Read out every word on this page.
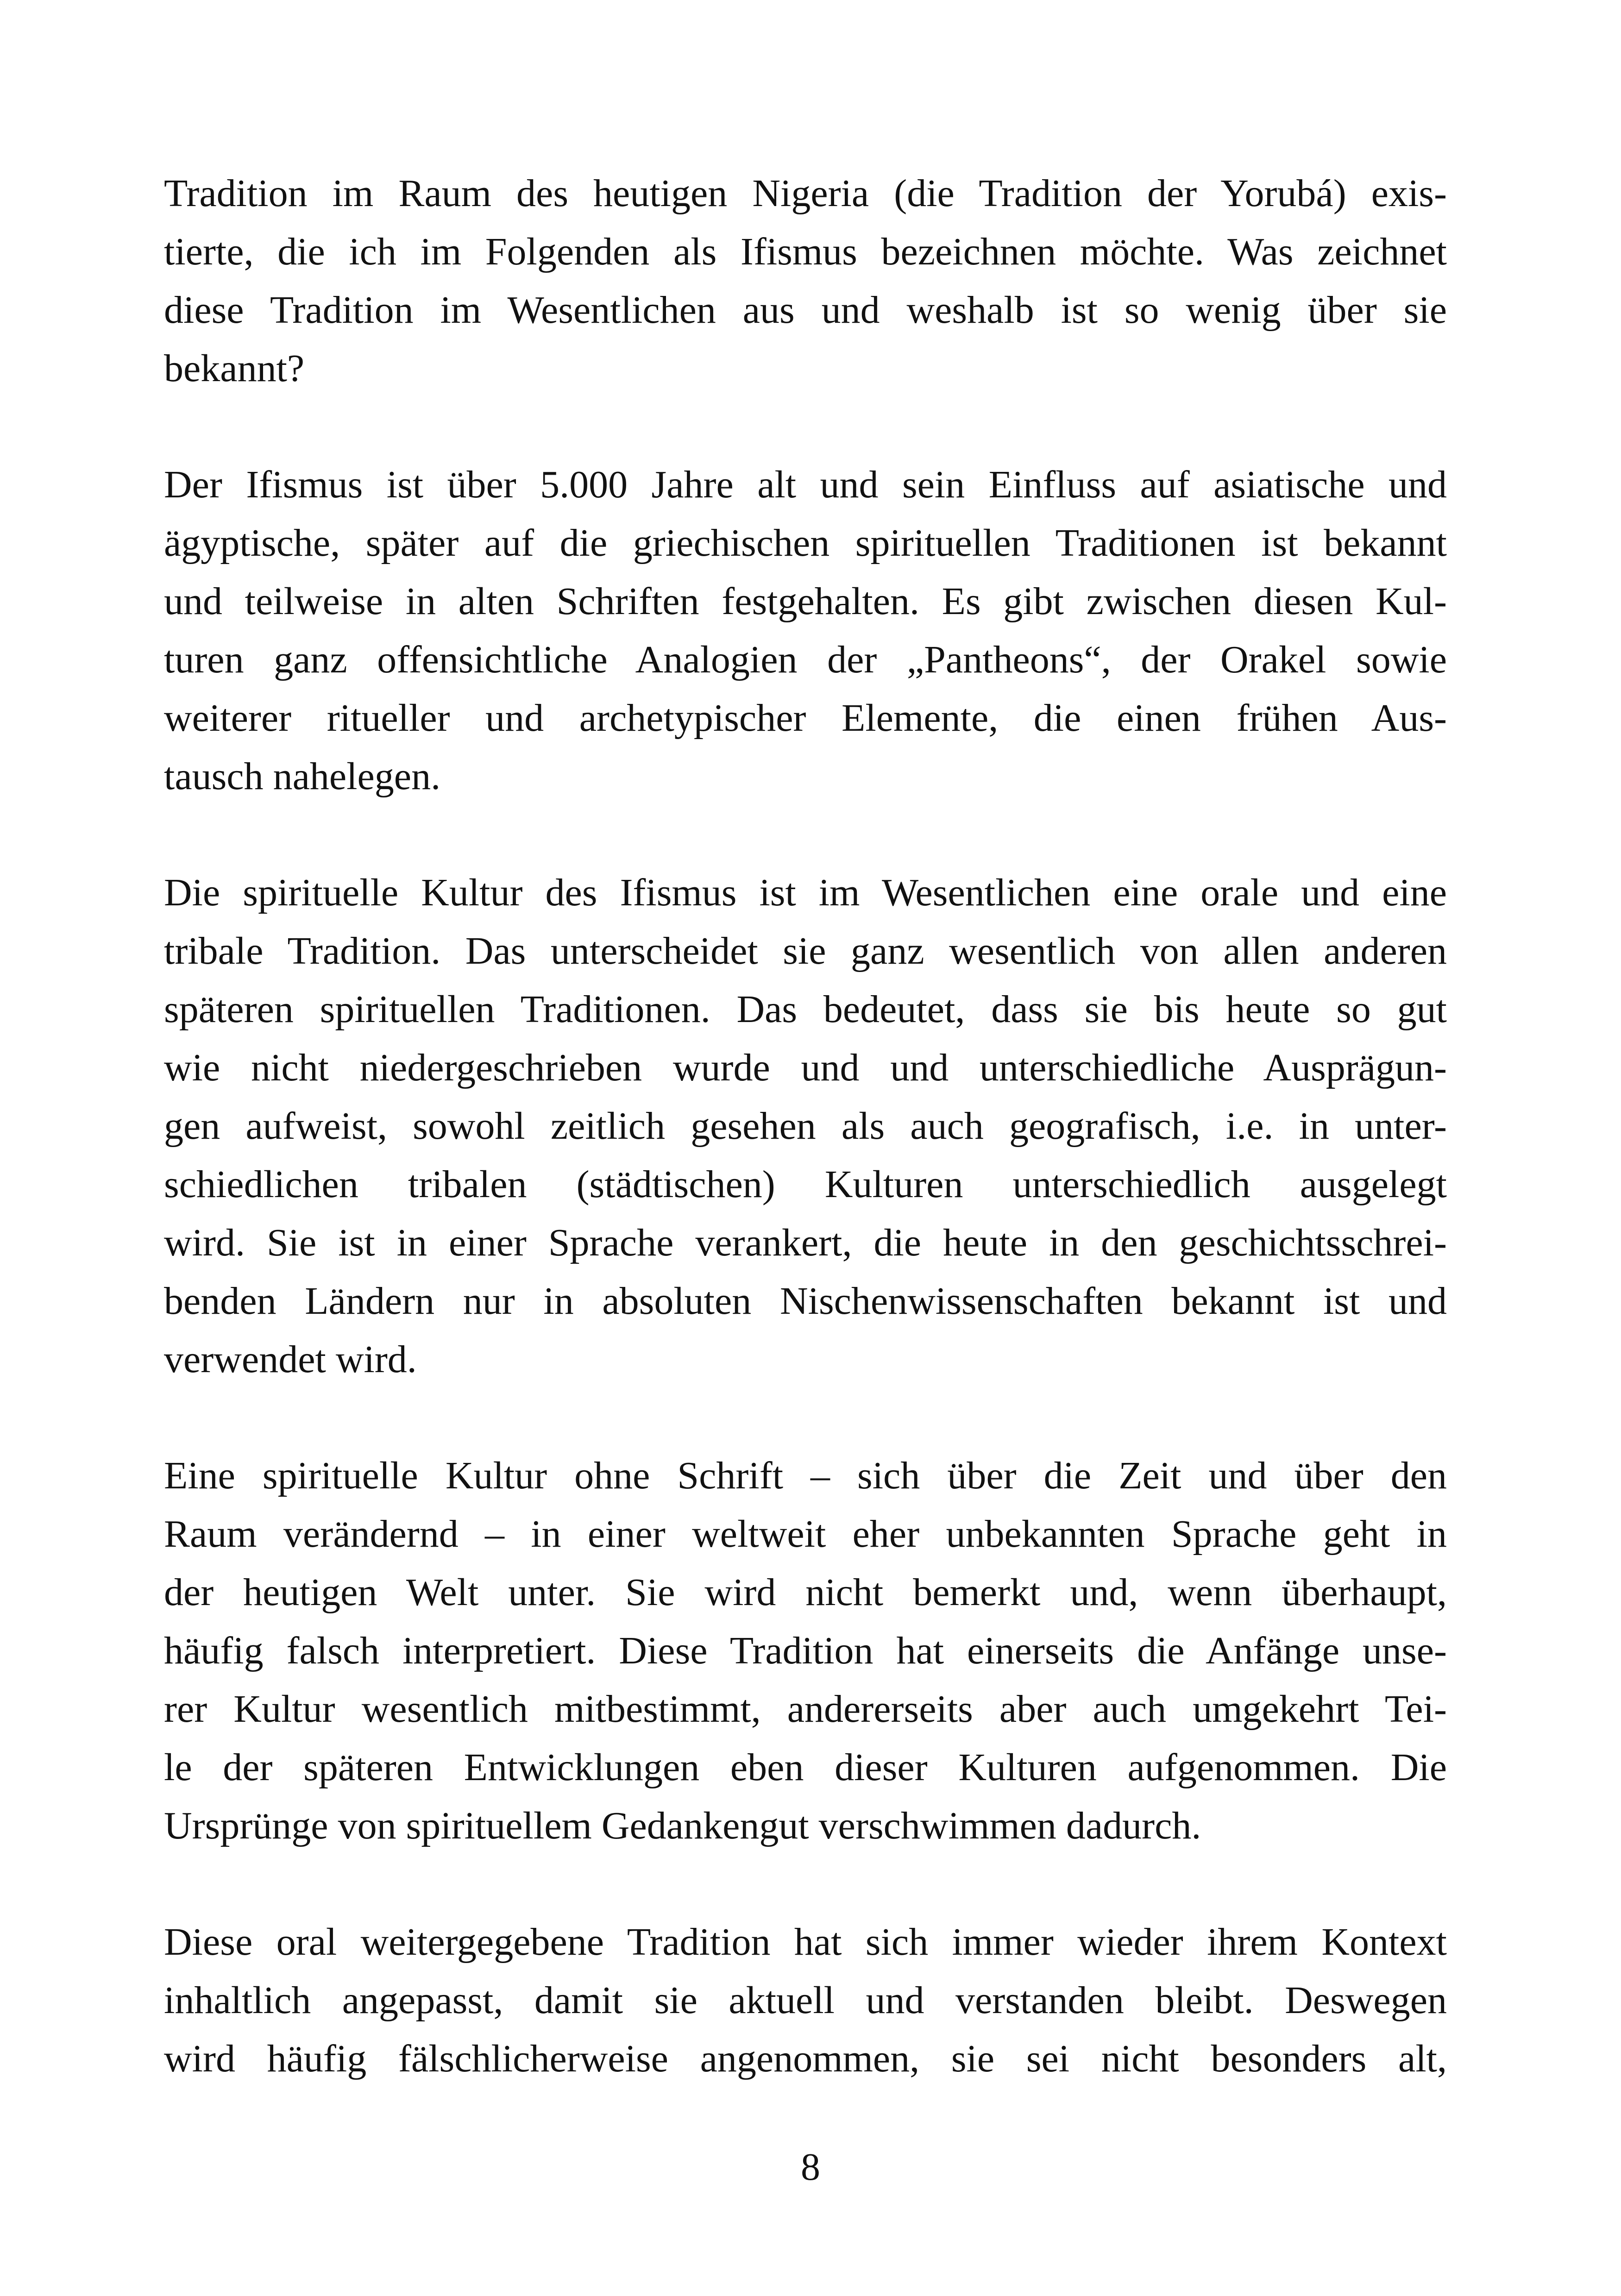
Tradition im Raum des heutigen Nigeria (die Tradition der Yorubá) exis-
tierte, die ich im Folgenden als Ifismus bezeichnen möchte. Was zeichnet
diese Tradition im Wesentlichen aus und weshalb ist so wenig über sie
bekannt?
Der Ifismus ist über 5.000 Jahre alt und sein Einfluss auf asiatische und
ägyptische, später auf die griechischen spirituellen Traditionen ist bekannt
und teilweise in alten Schriften festgehalten. Es gibt zwischen diesen Kul-
turen ganz offensichtliche Analogien der „Pantheons“, der Orakel sowie
weiterer ritueller und archetypischer Elemente, die einen frühen Aus-
tausch nahelegen.
Die spirituelle Kultur des Ifismus ist im Wesentlichen eine orale und eine
tribale Tradition. Das unterscheidet sie ganz wesentlich von allen anderen
späteren spirituellen Traditionen. Das bedeutet, dass sie bis heute so gut
wie nicht niedergeschrieben wurde und und unterschiedliche Ausprägun-
gen aufweist, sowohl zeitlich gesehen als auch geografisch, i.e. in unter-
schiedlichen tribalen (städtischen) Kulturen unterschiedlich ausgelegt
wird. Sie ist in einer Sprache verankert, die heute in den geschichtsschrei-
benden Ländern nur in absoluten Nischenwissenschaften bekannt ist und
verwendet wird.
Eine spirituelle Kultur ohne Schrift – sich über die Zeit und über den
Raum verändernd – in einer weltweit eher unbekannten Sprache geht in
der heutigen Welt unter. Sie wird nicht bemerkt und, wenn überhaupt,
häufig falsch interpretiert. Diese Tradition hat einerseits die Anfänge unse-
rer Kultur wesentlich mitbestimmt, andererseits aber auch umgekehrt Tei-
le der späteren Entwicklungen eben dieser Kulturen aufgenommen. Die
Ursprünge von spirituellem Gedankengut verschwimmen dadurch.
Diese oral weitergegebene Tradition hat sich immer wieder ihrem Kontext
inhaltlich angepasst, damit sie aktuell und verstanden bleibt. Deswegen
wird häufig fälschlicherweise angenommen, sie sei nicht besonders alt,
8
